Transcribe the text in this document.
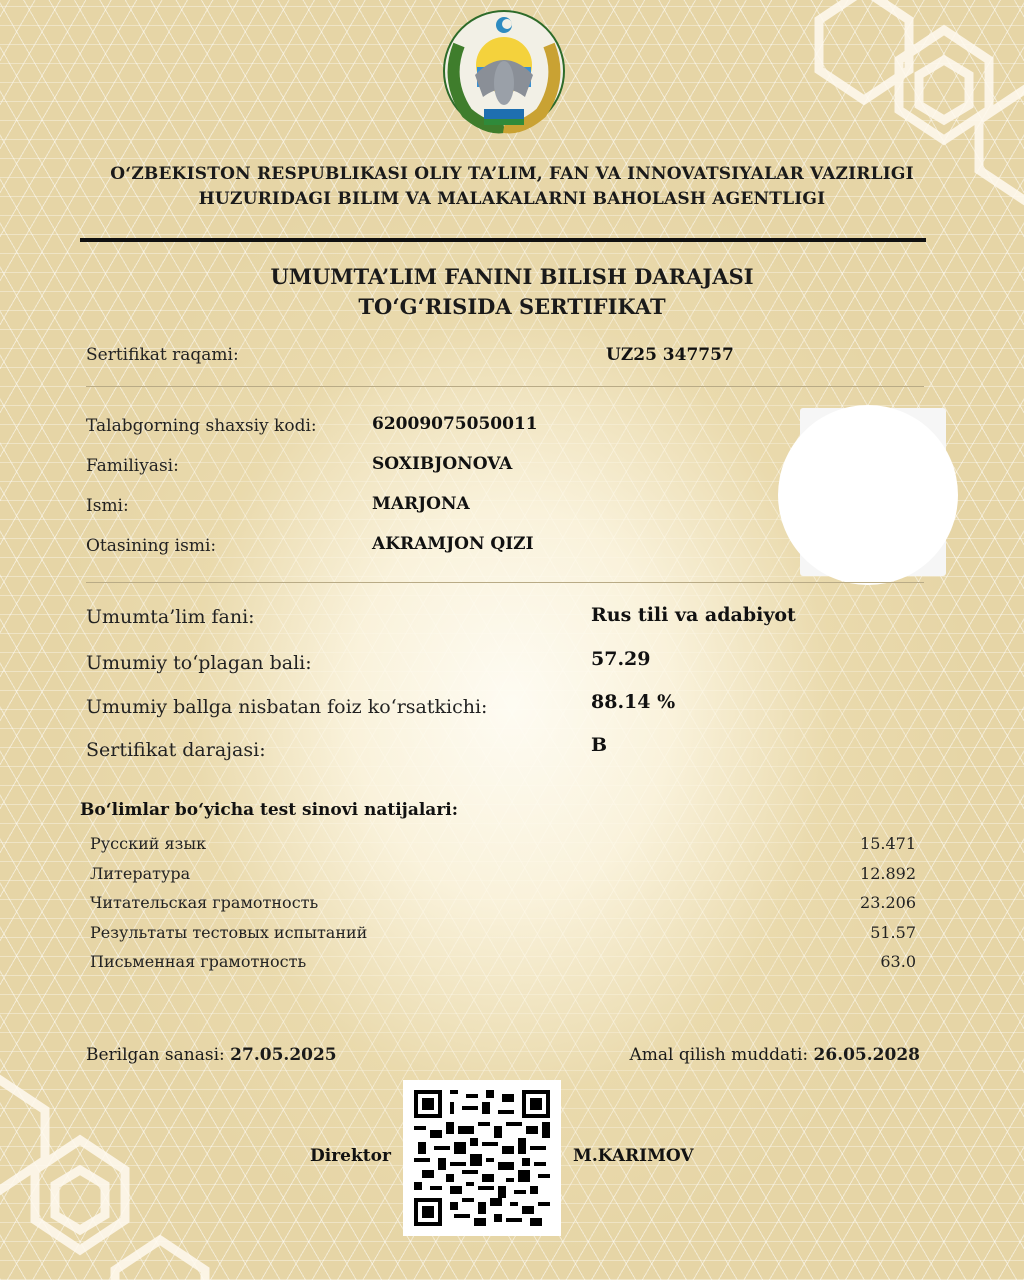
O‘ZBEKISTON RESPUBLIKASI OLIY TA’LIM, FAN VA INNOVATSIYALAR VAZIRLIGI
HUZURIDAGI BILIM VA MALAKALARNI BAHOLASH AGENTLIGI
UMUMTA’LIM FANINI BILISH DARAJASI
TO‘G‘RISIDA SERTIFIKAT
Sertifikat raqami:	UZ25 347757
Talabgorning shaxsiy kodi:	62009075050011
Familiyasi:	SOXIBJONOVA
Ismi:	MARJONA
Otasining ismi:	AKRAMJON QIZI
Umumta’lim fani:	Rus tili va adabiyot
Umumiy to‘plagan bali:	57.29
Umumiy ballga nisbatan foiz ko‘rsatkichi:	88.14 %
Sertifikat darajasi:	B
Bo‘limlar bo‘yicha test sinovi natijalari:
Русский язык	15.471
Литература	12.892
Читательская грамотность	23.206
Результаты тестовых испытаний	51.57
Письменная грамотность	63.0
Berilgan sanasi: 27.05.2025	Amal qilish muddati: 26.05.2028
Direktor	M.KARIMOV
